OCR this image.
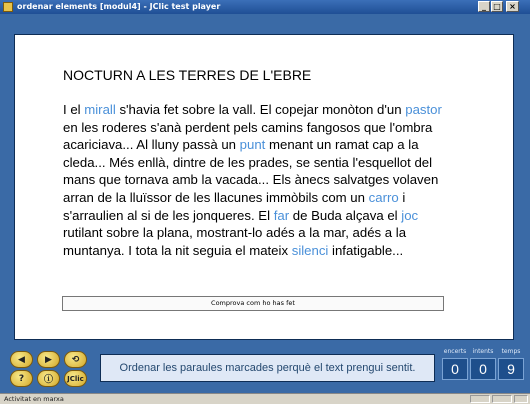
ordenar elements [modul4] - JClic test player	_ □	×
NOCTURN A LES TERRES DE L'EBRE
I el mirall s'havia fet sobre la vall. El copejar monòton d'un pastor en les roderes s'anà perdent pels camins fangosos que l'ombra acariciava... Al lluny passà un punt menant un ramat cap a la cleda... Més enllà, dintre de les prades, se sentia l'esquellot del mans que tornava amb la vacada... Els ànecs salvatges volaven arran de la lluïssor de les llacunes immòbils com un carro i s'arraulien al si de les jonqueres. El far de Buda alçava el joc rutilant sobre la plana, mostrant-lo adés a la mar, adés a la muntanya. I tota la nit seguia el mateix silenci infatigable...
Comprova com ho has fet
◀ ▶ ⟲
? ⓘ JClic
Ordenar les paraules marcades perquè el text prengui sentit.
encerts	intents	temps
0	0	9
Activitat en marxa
